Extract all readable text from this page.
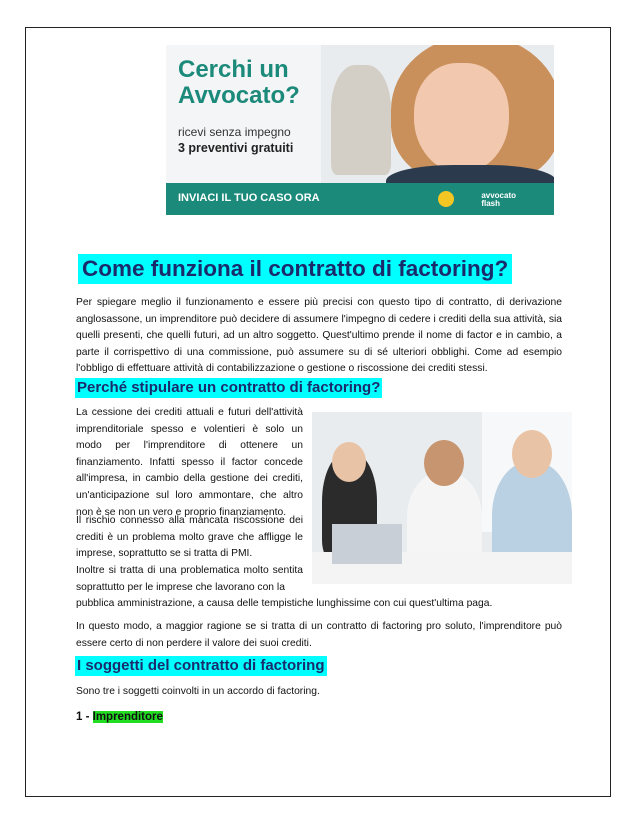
Cerchi un
Avvocato?
ricevi senza impegno
3 preventivi gratuiti
INVIACI IL TUO CASO ORA	avvocato
flash
Come funziona il contratto di factoring?
Per spiegare meglio il funzionamento e essere più precisi con questo tipo di contratto, di derivazione anglosassone, un imprenditore può decidere di assumere l'impegno di cedere i crediti della sua attività, sia quelli presenti, che quelli futuri, ad un altro soggetto. Quest'ultimo prende il nome di factor e in cambio, a parte il corrispettivo di una commissione, può assumere su di sé ulteriori obblighi. Come ad esempio l'obbligo di effettuare attività di contabilizzazione o gestione o riscossione dei crediti stessi.
Perché stipulare un contratto di factoring?
La cessione dei crediti attuali e futuri dell'attività imprenditoriale spesso e volentieri è solo un modo per l'imprenditore di ottenere un finanziamento. Infatti spesso il factor concede all'impresa, in cambio della gestione dei crediti, un'anticipazione sul loro ammontare, che altro non è se non un vero e proprio finanziamento.
Il rischio connesso alla mancata riscossione dei crediti è un problema molto grave che affligge le imprese, soprattutto se si tratta di PMI.
Inoltre si tratta di una problematica molto sentita soprattutto per le imprese che lavorano con la
pubblica amministrazione, a causa delle tempistiche lunghissime con cui quest'ultima paga.
In questo modo, a maggior ragione se si tratta di un contratto di factoring pro soluto, l'imprenditore può essere certo di non perdere il valore dei suoi crediti.
I soggetti del contratto di factoring
Sono tre i soggetti coinvolti in un accordo di factoring.
1 - Imprenditore
